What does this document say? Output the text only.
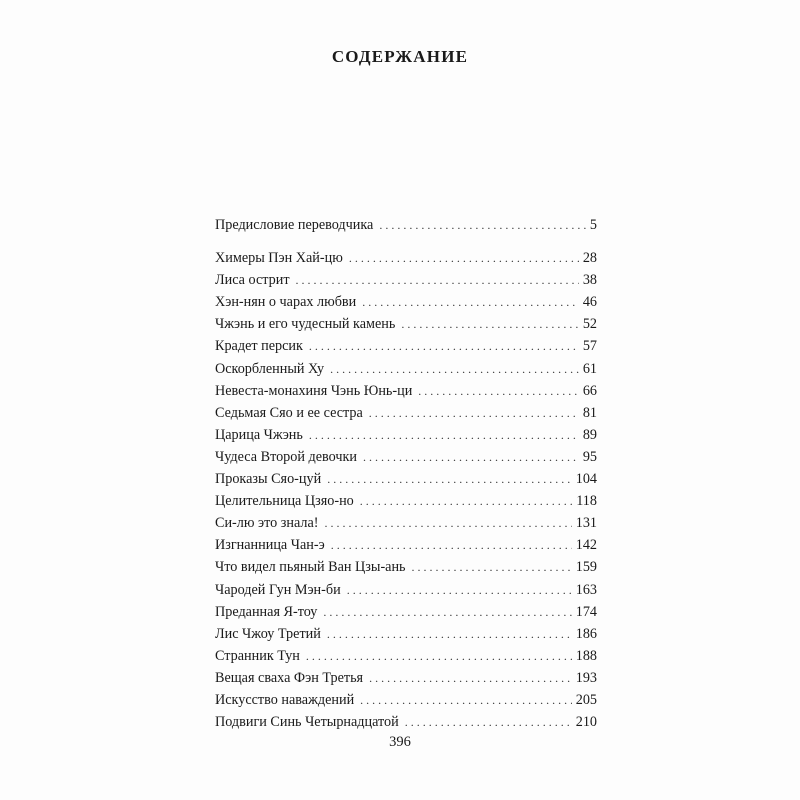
СОДЕРЖАНИЕ
Предисловие переводчика . . .	5
Химеры Пэн Хай-цю . . .	28
Лиса острит . . .	38
Хэн-нян о чарах любви . . .	46
Чжэнь и его чудесный камень . . .	52
Крадет персик . . .	57
Оскорбленный Ху . . .	61
Невеста-монахиня Чэнь Юнь-ци . . .	66
Седьмая Сяо и ее сестра . . .	81
Царица Чжэнь . . .	89
Чудеса Второй девочки . . .	95
Проказы Сяо-цуй . . .	104
Целительница Цзяо-но . . .	118
Си-лю это знала! . . .	131
Изгнанница Чан-э . . .	142
Что видел пьяный Ван Цзы-ань . . .	159
Чародей Гун Мэн-би . . .	163
Преданная Я-тоу . . .	174
Лис Чжоу Третий . . .	186
Странник Тун . . .	188
Вещая сваха Фэн Третья . . .	193
Искусство наваждений . . .	205
Подвиги Синь Четырнадцатой . . .	210
396
